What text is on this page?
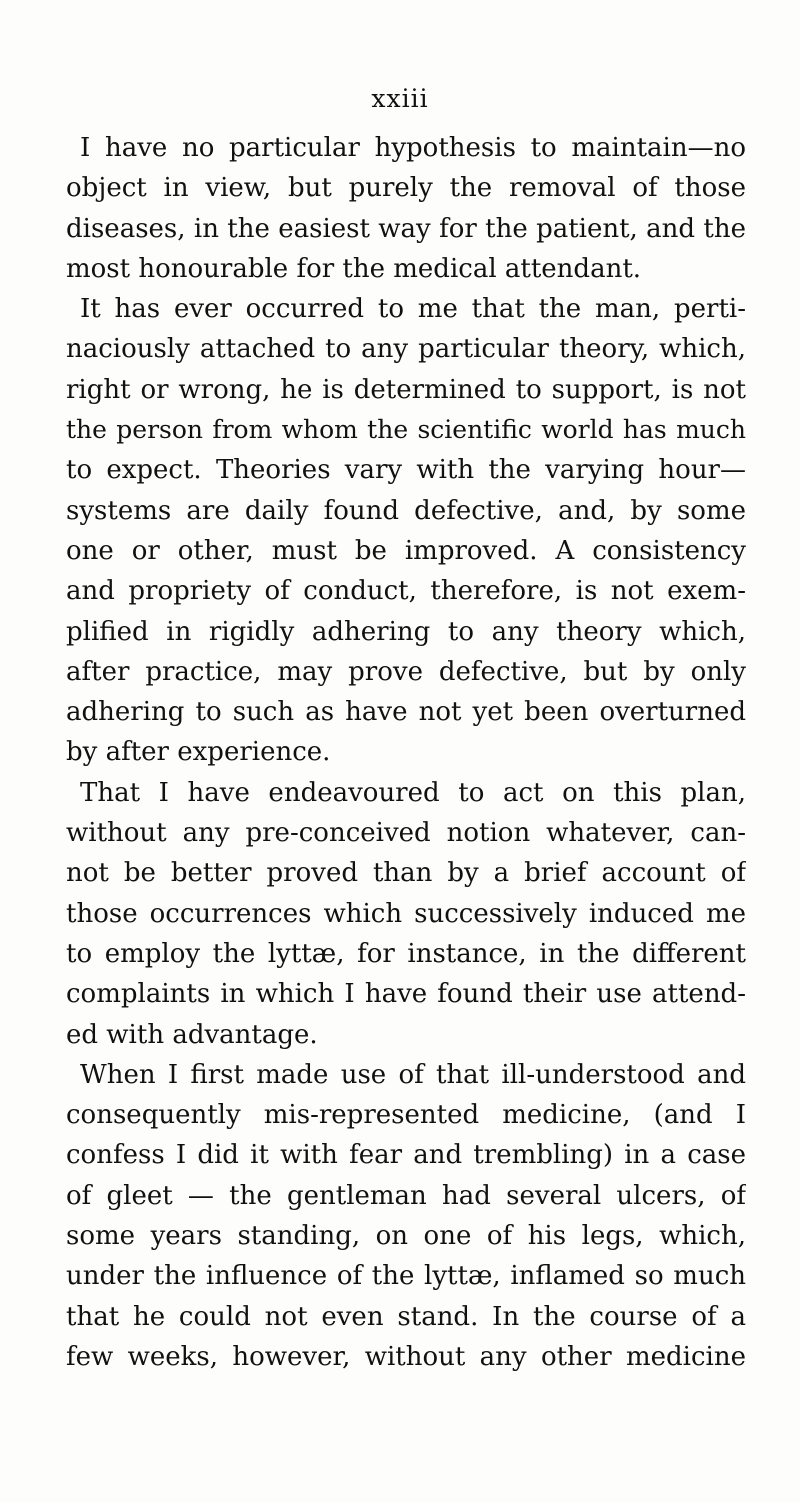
xxiii
I have no particular hypothesis to maintain—no
object in view, but purely the removal of those
diseases, in the easiest way for the patient, and the
most honourable for the medical attendant.
It has ever occurred to me that the man, perti-
naciously attached to any particular theory, which,
right or wrong, he is determined to support, is not
the person from whom the scientific world has much
to expect. Theories vary with the varying hour—
systems are daily found defective, and, by some
one or other, must be improved. A consistency
and propriety of conduct, therefore, is not exem-
plified in rigidly adhering to any theory which,
after practice, may prove defective, but by only
adhering to such as have not yet been overturned
by after experience.
That I have endeavoured to act on this plan,
without any pre-conceived notion whatever, can-
not be better proved than by a brief account of
those occurrences which successively induced me
to employ the lyttæ, for instance, in the different
complaints in which I have found their use attend-
ed with advantage.
When I first made use of that ill-understood and
consequently mis-represented medicine, (and I
confess I did it with fear and trembling) in a case
of gleet — the gentleman had several ulcers, of
some years standing, on one of his legs, which,
under the influence of the lyttæ, inflamed so much
that he could not even stand. In the course of a
few weeks, however, without any other medicine
